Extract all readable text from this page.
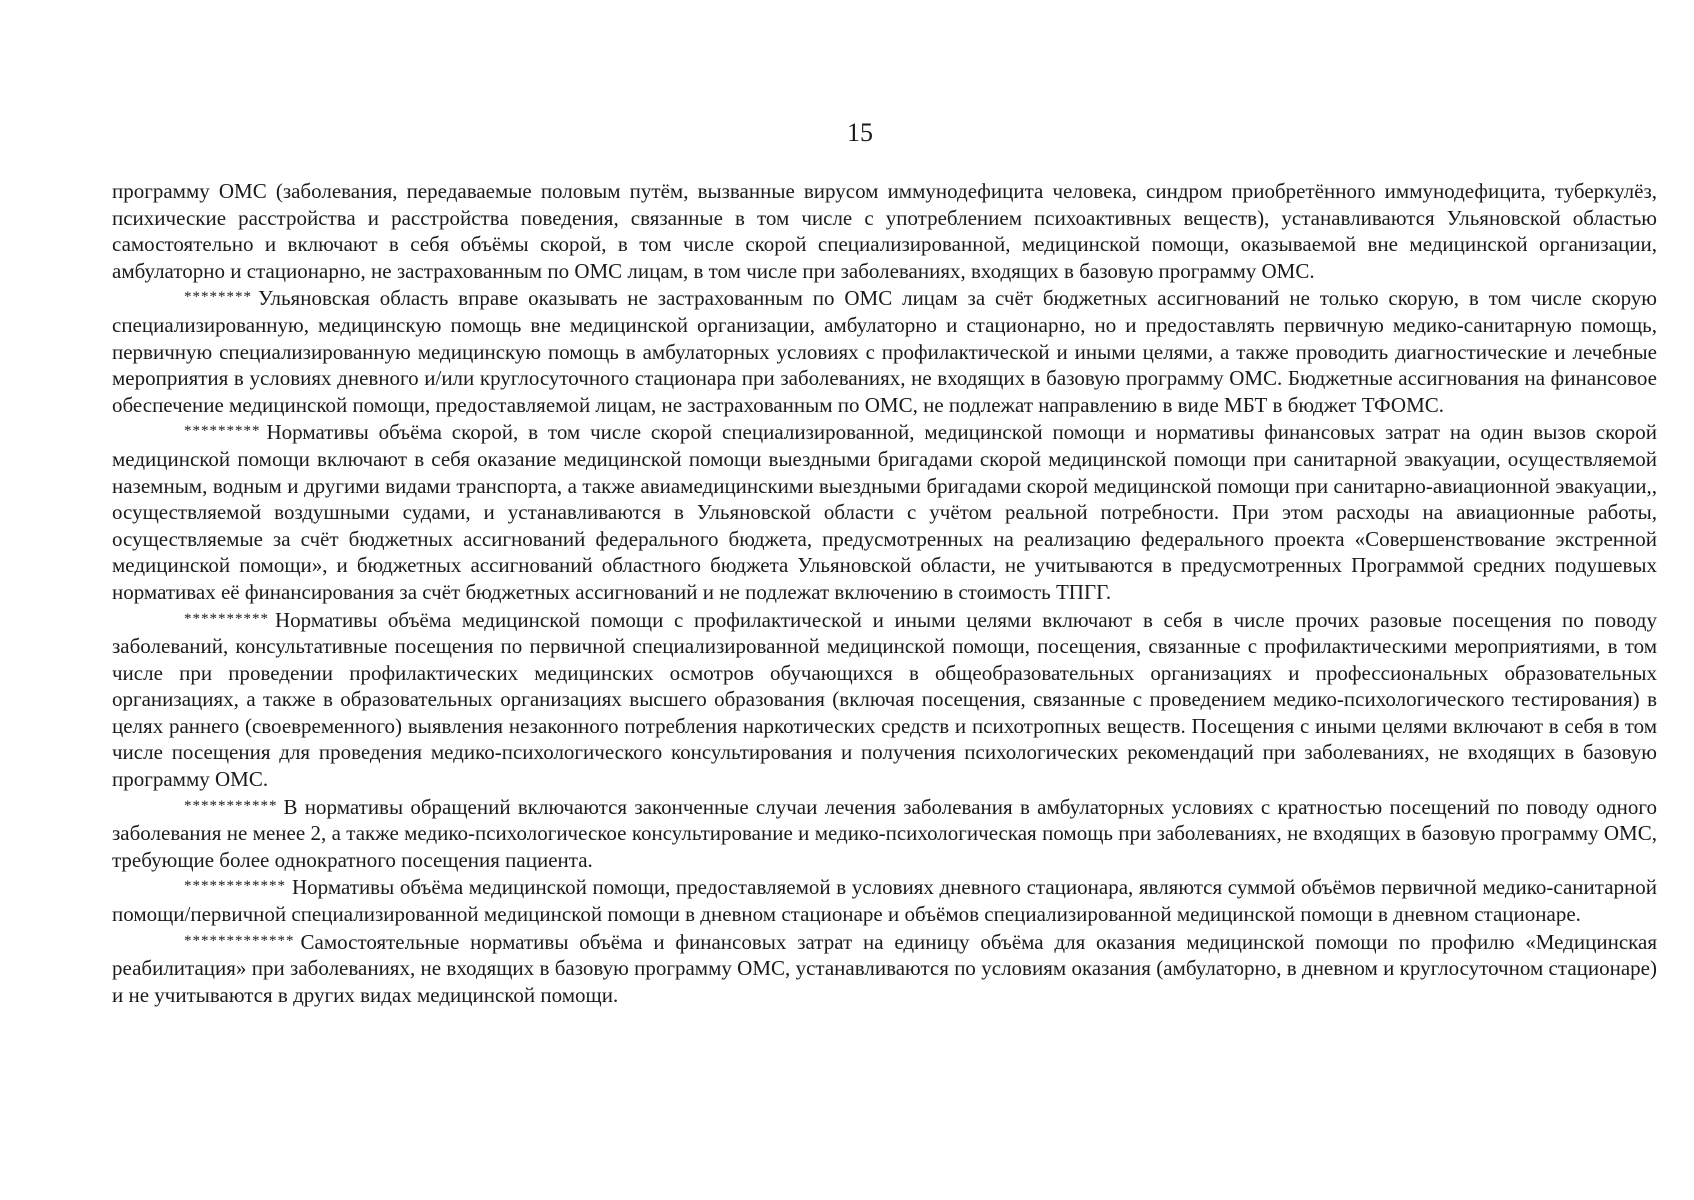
15

программу ОМС (заболевания, передаваемые половым путём, вызванные вирусом иммунодефицита человека, синдром приобретённого иммунодефицита, туберкулёз, психические расстройства и расстройства поведения, связанные в том числе с употреблением психоактивных веществ), устанавливаются Ульяновской областью самостоятельно и включают в себя объёмы скорой, в том числе скорой специализированной, медицинской помощи, оказываемой вне медицинской организации, амбулаторно и стационарно, не застрахованным по ОМС лицам, в том числе при заболеваниях, входящих в базовую программу ОМС.

******** Ульяновская область вправе оказывать не застрахованным по ОМС лицам за счёт бюджетных ассигнований не только скорую, в том числе скорую специализированную, медицинскую помощь вне медицинской организации, амбулаторно и стационарно, но и предоставлять первичную медико-санитарную помощь, первичную специализированную медицинскую помощь в амбулаторных условиях с профилактической и иными целями, а также проводить диагностические и лечебные мероприятия в условиях дневного и/или круглосуточного стационара при заболеваниях, не входящих в базовую программу ОМС. Бюджетные ассигнования на финансовое обеспечение медицинской помощи, предоставляемой лицам, не застрахованным по ОМС, не подлежат направлению в виде МБТ в бюджет ТФОМС.

********* Нормативы объёма скорой, в том числе скорой специализированной, медицинской помощи и нормативы финансовых затрат на один вызов скорой медицинской помощи включают в себя оказание медицинской помощи выездными бригадами скорой медицинской помощи при санитарной эвакуации, осуществляемой наземным, водным и другими видами транспорта, а также авиамедицинскими выездными бригадами скорой медицинской помощи при санитарно-авиационной эвакуации,, осуществляемой воздушными судами, и устанавливаются в Ульяновской области с учётом реальной потребности. При этом расходы на авиационные работы, осуществляемые за счёт бюджетных ассигнований федерального бюджета, предусмотренных на реализацию федерального проекта «Совершенствование экстренной медицинской помощи», и бюджетных ассигнований областного бюджета Ульяновской области, не учитываются в предусмотренных Программой средних подушевых нормативах её финансирования за счёт бюджетных ассигнований и не подлежат включению в стоимость ТПГГ.

********** Нормативы объёма медицинской помощи с профилактической и иными целями включают в себя в числе прочих разовые посещения по поводу заболеваний, консультативные посещения по первичной специализированной медицинской помощи, посещения, связанные с профилактическими мероприятиями, в том числе при проведении профилактических медицинских осмотров обучающихся в общеобразовательных организациях и профессиональных образовательных организациях, а также в образовательных организациях высшего образования (включая посещения, связанные с проведением медико-психологического тестирования) в целях раннего (своевременного) выявления незаконного потребления наркотических средств и психотропных веществ. Посещения с иными целями включают в себя в том числе посещения для проведения медико-психологического консультирования и получения психологических рекомендаций при заболеваниях, не входящих в базовую программу ОМС.

*********** В нормативы обращений включаются законченные случаи лечения заболевания в амбулаторных условиях с кратностью посещений по поводу одного заболевания не менее 2, а также медико-психологическое консультирование и медико-психологическая помощь при заболеваниях, не входящих в базовую программу ОМС, требующие более однократного посещения пациента.

************ Нормативы объёма медицинской помощи, предоставляемой в условиях дневного стационара, являются суммой объёмов первичной медико-санитарной помощи/первичной специализированной медицинской помощи в дневном стационаре и объёмов специализированной медицинской помощи в дневном стационаре.

************* Самостоятельные нормативы объёма и финансовых затрат на единицу объёма для оказания медицинской помощи по профилю «Медицинская реабилитация» при заболеваниях, не входящих в базовую программу ОМС, устанавливаются по условиям оказания (амбулаторно, в дневном и круглосуточном стационаре) и не учитываются в других видах медицинской помощи.
